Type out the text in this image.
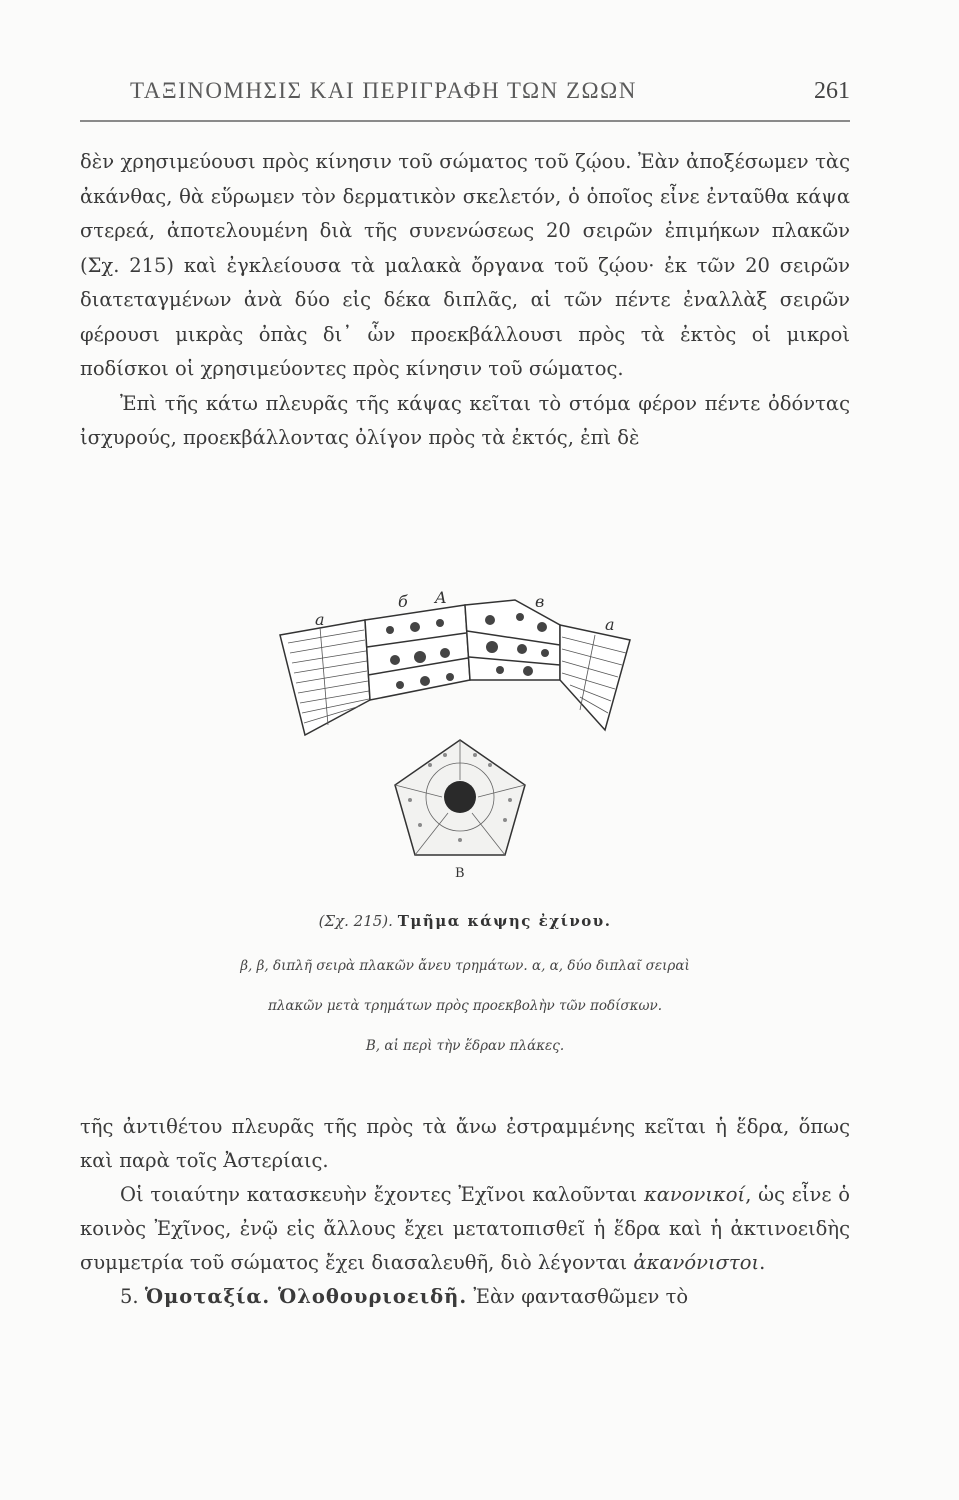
ΤΑΞΙΝΟΜΗΣΙΣ ΚΑΙ ΠΕΡΙΓΡΑΦΗ ΤΩΝ ΖΩΩΝ	261

δὲν χρησιμεύουσι πρὸς κίνησιν τοῦ σώματος τοῦ ζῴου. Ἐὰν ἀποξέσωμεν τὰς ἀκάνθας, θὰ εὕρωμεν τὸν δερματικὸν σκελετόν, ὁ ὁποῖος εἶνε ἐνταῦθα κάψα στερεά, ἀποτελουμένη διὰ τῆς συνενώσεως 20 σειρῶν ἐπιμήκων πλακῶν (Σχ. 215) καὶ ἐγκλείουσα τὰ μαλακὰ ὄργανα τοῦ ζῴου· ἐκ τῶν 20 σειρῶν διατεταγμένων ἀνὰ δύο εἰς δέκα διπλᾶς, αἱ τῶν πέντε ἐναλλὰξ σειρῶν φέρουσι μικρὰς ὀπὰς δι᾽ ὧν προεκβάλλουσι πρὸς τὰ ἐκτὸς οἱ μικροὶ ποδίσκοι οἱ χρησιμεύοντες πρὸς κίνησιν τοῦ σώματος.

Ἐπὶ τῆς κάτω πλευρᾶς τῆς κάψας κεῖται τὸ στόμα φέρον πέντε ὀδόντας ἰσχυρούς, προεκβάλλοντας ὀλίγον πρὸς τὰ ἐκτός, ἐπὶ δὲ

a
б A	в
a
B
(Σχ. 215). Τμῆμα κάψης ἐχίνου.
β, β, διπλῆ σειρὰ πλακῶν ἄνευ τρημάτων. α, α, δύο διπλαῖ σειραὶ
πλακῶν μετὰ τρημάτων πρὸς προεκβολὴν τῶν ποδίσκων.
B, αἱ περὶ τὴν ἕδραν πλάκες.

τῆς ἀντιθέτου πλευρᾶς τῆς πρὸς τὰ ἄνω ἐστραμμένης κεῖται ἡ ἕδρα, ὅπως καὶ παρὰ τοῖς Ἀστερίαις.

Οἱ τοιαύτην κατασκευὴν ἔχοντες Ἐχῖνοι καλοῦνται κανονικοί, ὡς εἶνε ὁ κοινὸς Ἐχῖνος, ἐνῷ εἰς ἄλλους ἔχει μετατοπισθεῖ ἡ ἕδρα καὶ ἡ ἀκτινοειδὴς συμμετρία τοῦ σώματος ἔχει διασαλευθῆ, διὸ λέγονται ἀκανόνιστοι.

5. Ὁμοταξία. Ὁλοθουριοειδῆ. Ἐὰν φαντασθῶμεν τὸ
